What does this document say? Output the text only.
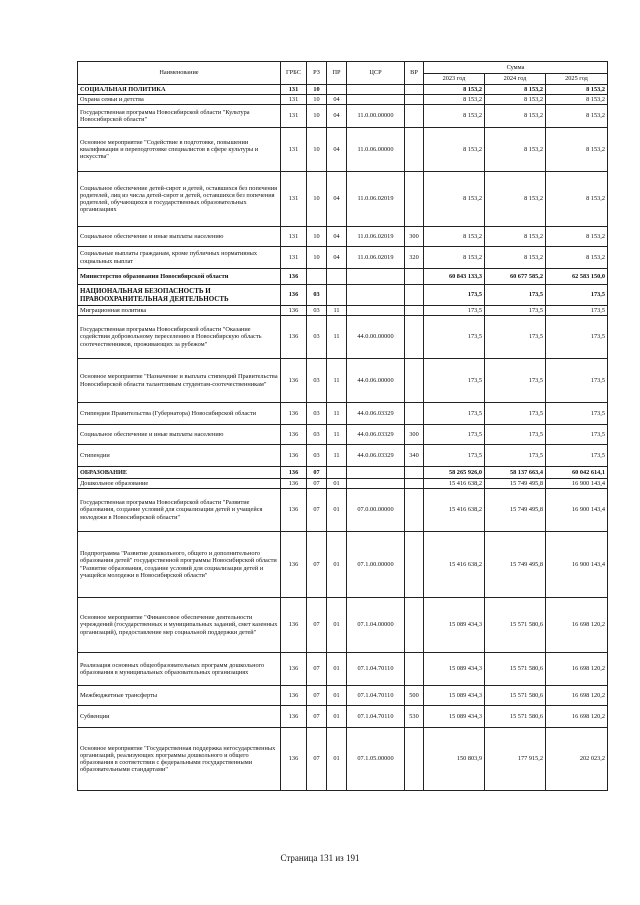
Наименование	ГРБС	РЗ	ПР	ЦСР	ВР	Сумма		
						2023 год	2024 год	2025 год
СОЦИАЛЬНАЯ ПОЛИТИКА	131	10				8 153,2	8 153,2	8 153,2
Охрана семьи и детства	131	10	04			8 153,2	8 153,2	8 153,2
Государственная программа Новосибирской области "Культура Новосибирской области"	131	10	04	11.0.00.00000		8 153,2	8 153,2	8 153,2
Основное мероприятие "Содействие в подготовке, повышении квалификации и переподготовке специалистов в сфере культуры и искусства"	131	10	04	11.0.06.00000		8 153,2	8 153,2	8 153,2
Социальное обеспечение детей-сирот и детей, оставшихся без попечения родителей, лиц из числа детей-сирот и детей, оставшихся без попечения родителей, обучающихся в государственных образовательных организациях	131	10	04	11.0.06.02019		8 153,2	8 153,2	8 153,2
Социальное обеспечение и иные выплаты населению	131	10	04	11.0.06.02019	300	8 153,2	8 153,2	8 153,2
Социальные выплаты гражданам, кроме публичных нормативных социальных выплат	131	10	04	11.0.06.02019	320	8 153,2	8 153,2	8 153,2
Министерство образования Новосибирской области	136					60 843 133,3	60 677 585,2	62 583 150,0
НАЦИОНАЛЬНАЯ БЕЗОПАСНОСТЬ И ПРАВООХРАНИТЕЛЬНАЯ ДЕЯТЕЛЬНОСТЬ	136	03				173,5	173,5	173,5
Миграционная политика	136	03	11			173,5	173,5	173,5
Государственная программа Новосибирской области "Оказание содействия добровольному переселению в Новосибирскую область соотечественников, проживающих за рубежом"	136	03	11	44.0.00.00000		173,5	173,5	173,5
Основное мероприятие "Назначение и выплата стипендий Правительства Новосибирской области талантливым студентам-соотечественникам"	136	03	11	44.0.06.00000		173,5	173,5	173,5
Стипендии Правительства (Губернатора) Новосибирской области	136	03	11	44.0.06.03329		173,5	173,5	173,5
Социальное обеспечение и иные выплаты населению	136	03	11	44.0.06.03329	300	173,5	173,5	173,5
Стипендии	136	03	11	44.0.06.03329	340	173,5	173,5	173,5
ОБРАЗОВАНИЕ	136	07				58 265 926,0	58 137 663,4	60 042 614,1
Дошкольное образование	136	07	01			15 416 638,2	15 749 495,8	16 900 143,4
Государственная программа Новосибирской области "Развитие образования, создание условий для социализации детей и учащейся молодежи в Новосибирской области"	136	07	01	07.0.00.00000		15 416 638,2	15 749 495,8	16 900 143,4
Подпрограмма "Развитие дошкольного, общего и дополнительного образования детей" государственной программы Новосибирской области "Развитие образования, создание условий для социализации детей и учащейся молодежи в Новосибирской области"	136	07	01	07.1.00.00000		15 416 638,2	15 749 495,8	16 900 143,4
Основное мероприятие "Финансовое обеспечение деятельности учреждений (государственных и муниципальных заданий, смет казенных организаций), предоставление мер социальной поддержки детей"	136	07	01	07.1.04.00000		15 089 434,3	15 571 580,6	16 698 120,2
Реализация основных общеобразовательных программ дошкольного образования в муниципальных образовательных организациях	136	07	01	07.1.04.70110		15 089 434,3	15 571 580,6	16 698 120,2
Межбюджетные трансферты	136	07	01	07.1.04.70110	500	15 089 434,3	15 571 580,6	16 698 120,2
Субвенции	136	07	01	07.1.04.70110	530	15 089 434,3	15 571 580,6	16 698 120,2
Основное мероприятие "Государственная поддержка негосударственных организаций, реализующих программы дошкольного и общего образования в соответствии с федеральными государственными образовательными стандартами"	136	07	01	07.1.05.00000		150 803,9	177 915,2	202 023,2
Страница 131 из 191
